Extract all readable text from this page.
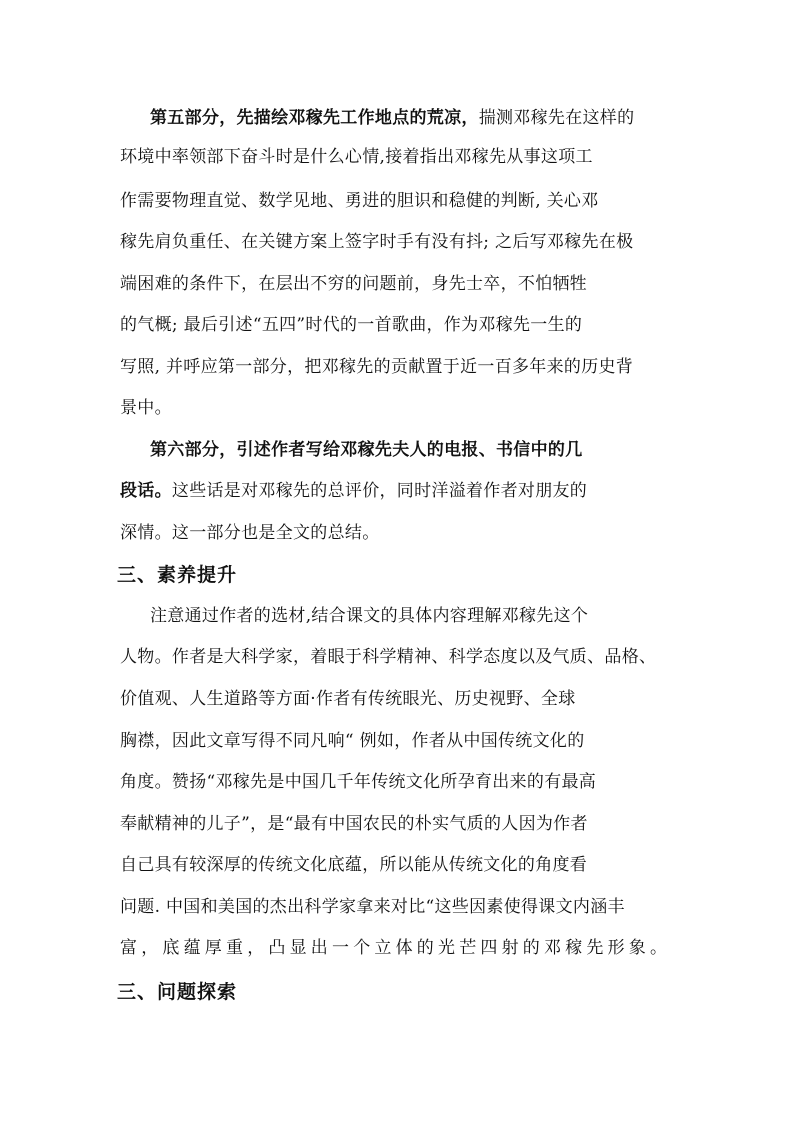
第五部分，先描绘邓稼先工作地点的荒凉，揣测邓稼先在这样的
环境中率领部下奋斗时是什么心情,接着指出邓稼先从事这项工
作需要物理直觉、数学见地、勇进的胆识和稳健的判断, 关心邓
稼先肩负重任、在关键方案上签字时手有没有抖; 之后写邓稼先在极
端困难的条件下，在层出不穷的问题前，身先士卒，不怕牺牲
的气概; 最后引述“五四”时代的一首歌曲，作为邓稼先一生的
写照, 并呼应第一部分，把邓稼先的贡献置于近一百多年来的历史背
景中。
第六部分，引述作者写给邓稼先夫人的电报、书信中的几
段话。这些话是对邓稼先的总评价，同时洋溢着作者对朋友的
深情。这一部分也是全文的总结。
三、素养提升
注意通过作者的选材,结合课文的具体内容理解邓稼先这个
人物。作者是大科学家，着眼于科学精神、科学态度以及气质、品格、
价值观、人生道路等方面·作者有传统眼光、历史视野、全球
胸襟，因此文章写得不同凡响“ 例如，作者从中国传统文化的
角度。赞扬“邓稼先是中国几千年传统文化所孕育出来的有最高
奉献精神的儿子”，是“最有中国农民的朴实气质的人因为作者
自己具有较深厚的传统文化底蕴，所以能从传统文化的角度看
问题. 中国和美国的杰出科学家拿来对比“这些因素使得课文内涵丰
富，底蕴厚重，凸显出一个立体的光芒四射的邓稼先形象。
三、问题探索
